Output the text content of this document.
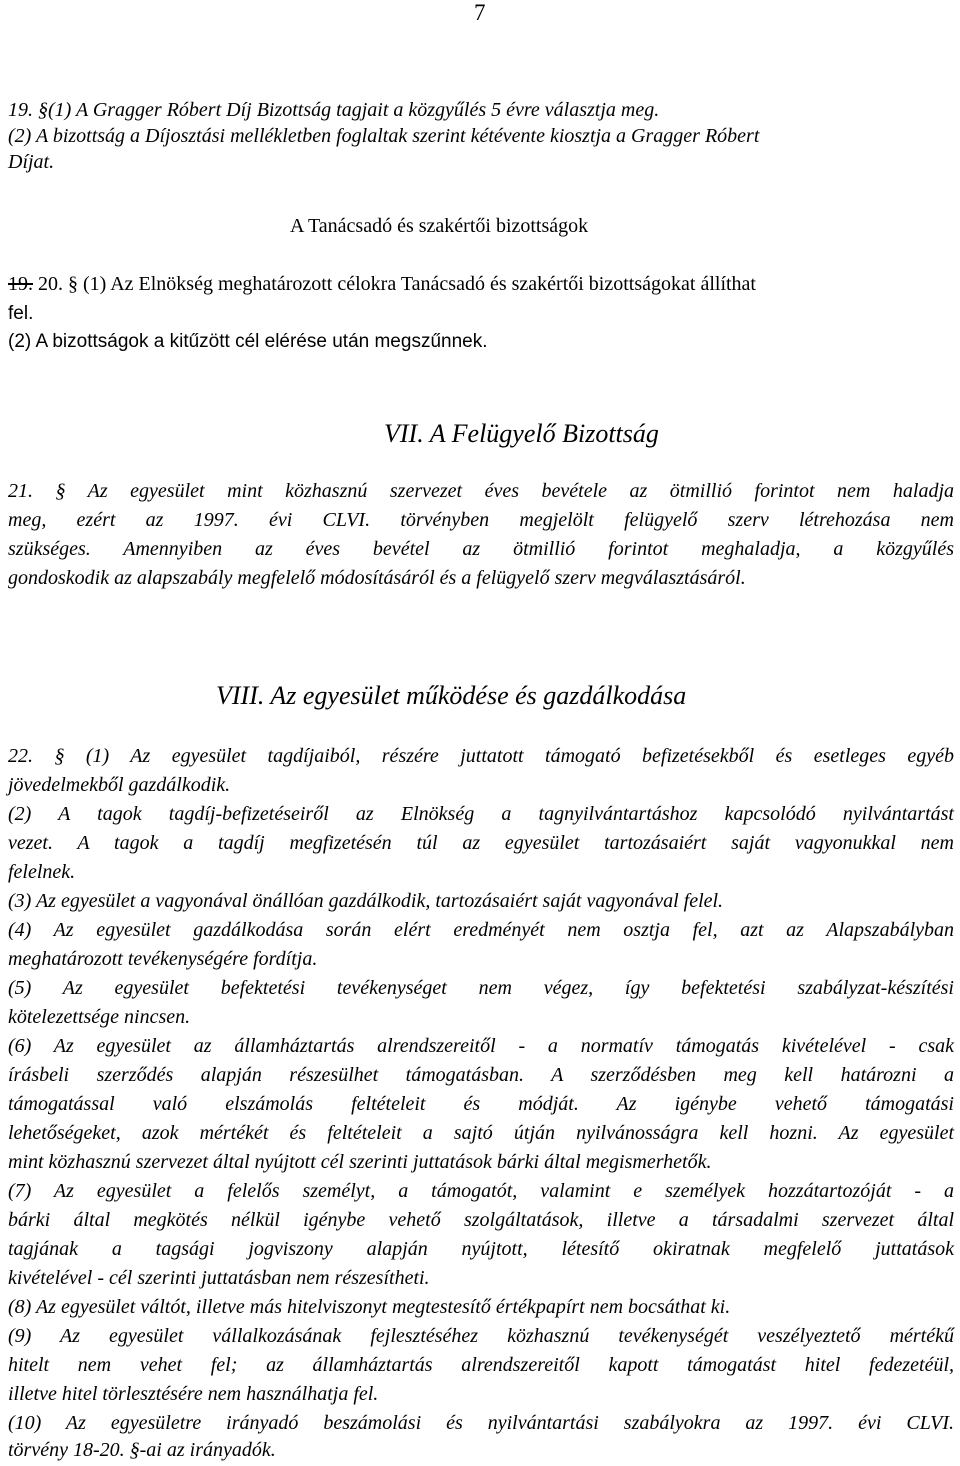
7
19. §(1) A Gragger Róbert Díj Bizottság tagjait a közgyűlés 5 évre választja meg.
(2) A bizottság a Díjosztási mellékletben foglaltak szerint kétévente kiosztja a Gragger Róbert
Díjat.
A Tanácsadó és szakértői bizottságok
19. 20. § (1) Az Elnökség meghatározott célokra Tanácsadó és szakértői bizottságokat állíthat
fel.
(2) A bizottságok a kitűzött cél elérése után megszűnnek.
VII. A Felügyelő Bizottság
21. § Az egyesület mint közhasznú szervezet éves bevétele az ötmillió forintot nem haladja
meg, ezért az 1997. évi CLVI. törvényben megjelölt felügyelő szerv létrehozása nem
szükséges. Amennyiben az éves bevétel az ötmillió forintot meghaladja, a közgyűlés
gondoskodik az alapszabály megfelelő módosításáról és a felügyelő szerv megválasztásáról.
VIII. Az egyesület működése és gazdálkodása
22. § (1) Az egyesület tagdíjaiból, részére juttatott támogató befizetésekből és esetleges egyéb
jövedelmekből gazdálkodik.
(2) A tagok tagdíj-befizetéseiről az Elnökség a tagnyilvántartáshoz kapcsolódó nyilvántartást
vezet. A tagok a tagdíj megfizetésén túl az egyesület tartozásaiért saját vagyonukkal nem
felelnek.
(3) Az egyesület a vagyonával önállóan gazdálkodik, tartozásaiért saját vagyonával felel.
(4) Az egyesület gazdálkodása során elért eredményét nem osztja fel, azt az Alapszabályban
meghatározott tevékenységére fordítja.
(5) Az egyesület befektetési tevékenységet nem végez, így befektetési szabályzat-készítési
kötelezettsége nincsen.
(6) Az egyesület az államháztartás alrendszereitől - a normatív támogatás kivételével - csak
írásbeli szerződés alapján részesülhet támogatásban. A szerződésben meg kell határozni a
támogatással való elszámolás feltételeit és módját. Az igénybe vehető támogatási
lehetőségeket, azok mértékét és feltételeit a sajtó útján nyilvánosságra kell hozni. Az egyesület
mint közhasznú szervezet által nyújtott cél szerinti juttatások bárki által megismerhetők.
(7) Az egyesület a felelős személyt, a támogatót, valamint e személyek hozzátartozóját - a
bárki által megkötés nélkül igénybe vehető szolgáltatások, illetve a társadalmi szervezet által
tagjának a tagsági jogviszony alapján nyújtott, létesítő okiratnak megfelelő juttatások
kivételével - cél szerinti juttatásban nem részesítheti.
(8) Az egyesület váltót, illetve más hitelviszonyt megtestesítő értékpapírt nem bocsáthat ki.
(9) Az egyesület vállalkozásának fejlesztéséhez közhasznú tevékenységét veszélyeztető mértékű
hitelt nem vehet fel; az államháztartás alrendszereitől kapott támogatást hitel fedezetéül,
illetve hitel törlesztésére nem használhatja fel.
(10) Az egyesületre irányadó beszámolási és nyilvántartási szabályokra az 1997. évi CLVI.
törvény 18-20. §-ai az irányadók.
